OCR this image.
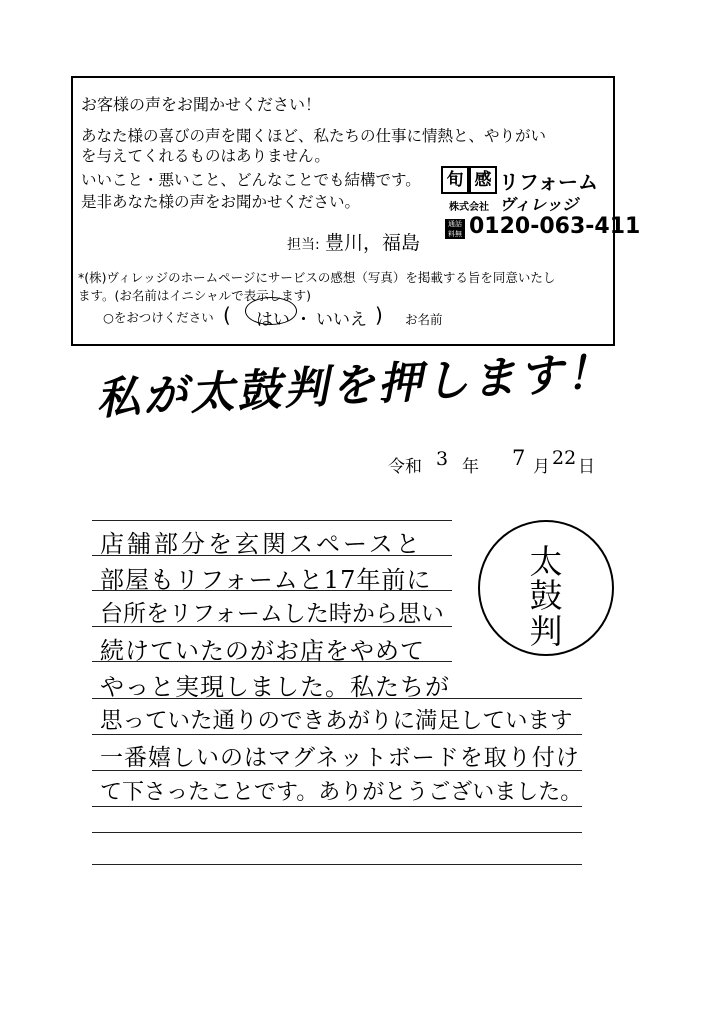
お客様の声をお聞かせください！
あなた様の喜びの声を聞くほど、私たちの仕事に情熱と、やりがい
を与えてくれるものはありません。
いいこと・悪いこと、どんなことでも結構です。
是非あなた様の声をお聞かせください。
旬 感 リフォーム
株式会社 ヴィレッジ
通話料無料
0120-063-411
担当: 豊川，福島
*(株)ヴィレッジのホームページにサービスの感想（写真）を掲載する旨を同意いたし
ます。(お名前はイニシャルで表示します)
○をおつけください ( はい ・ いいえ ) お名前
私が太鼓判を押します！
令和 3 年 7 月 22 日
店舗部分を玄関スペースと
部屋もリフォームと17年前に
台所をリフォームした時から思い
続けていたのがお店をやめて
やっと実現しました。私たちが
思っていた通りのできあがりに満足しています
一番嬉しいのはマグネットボードを取り付け
て下さったことです。ありがとうございました。
太
鼓
判
